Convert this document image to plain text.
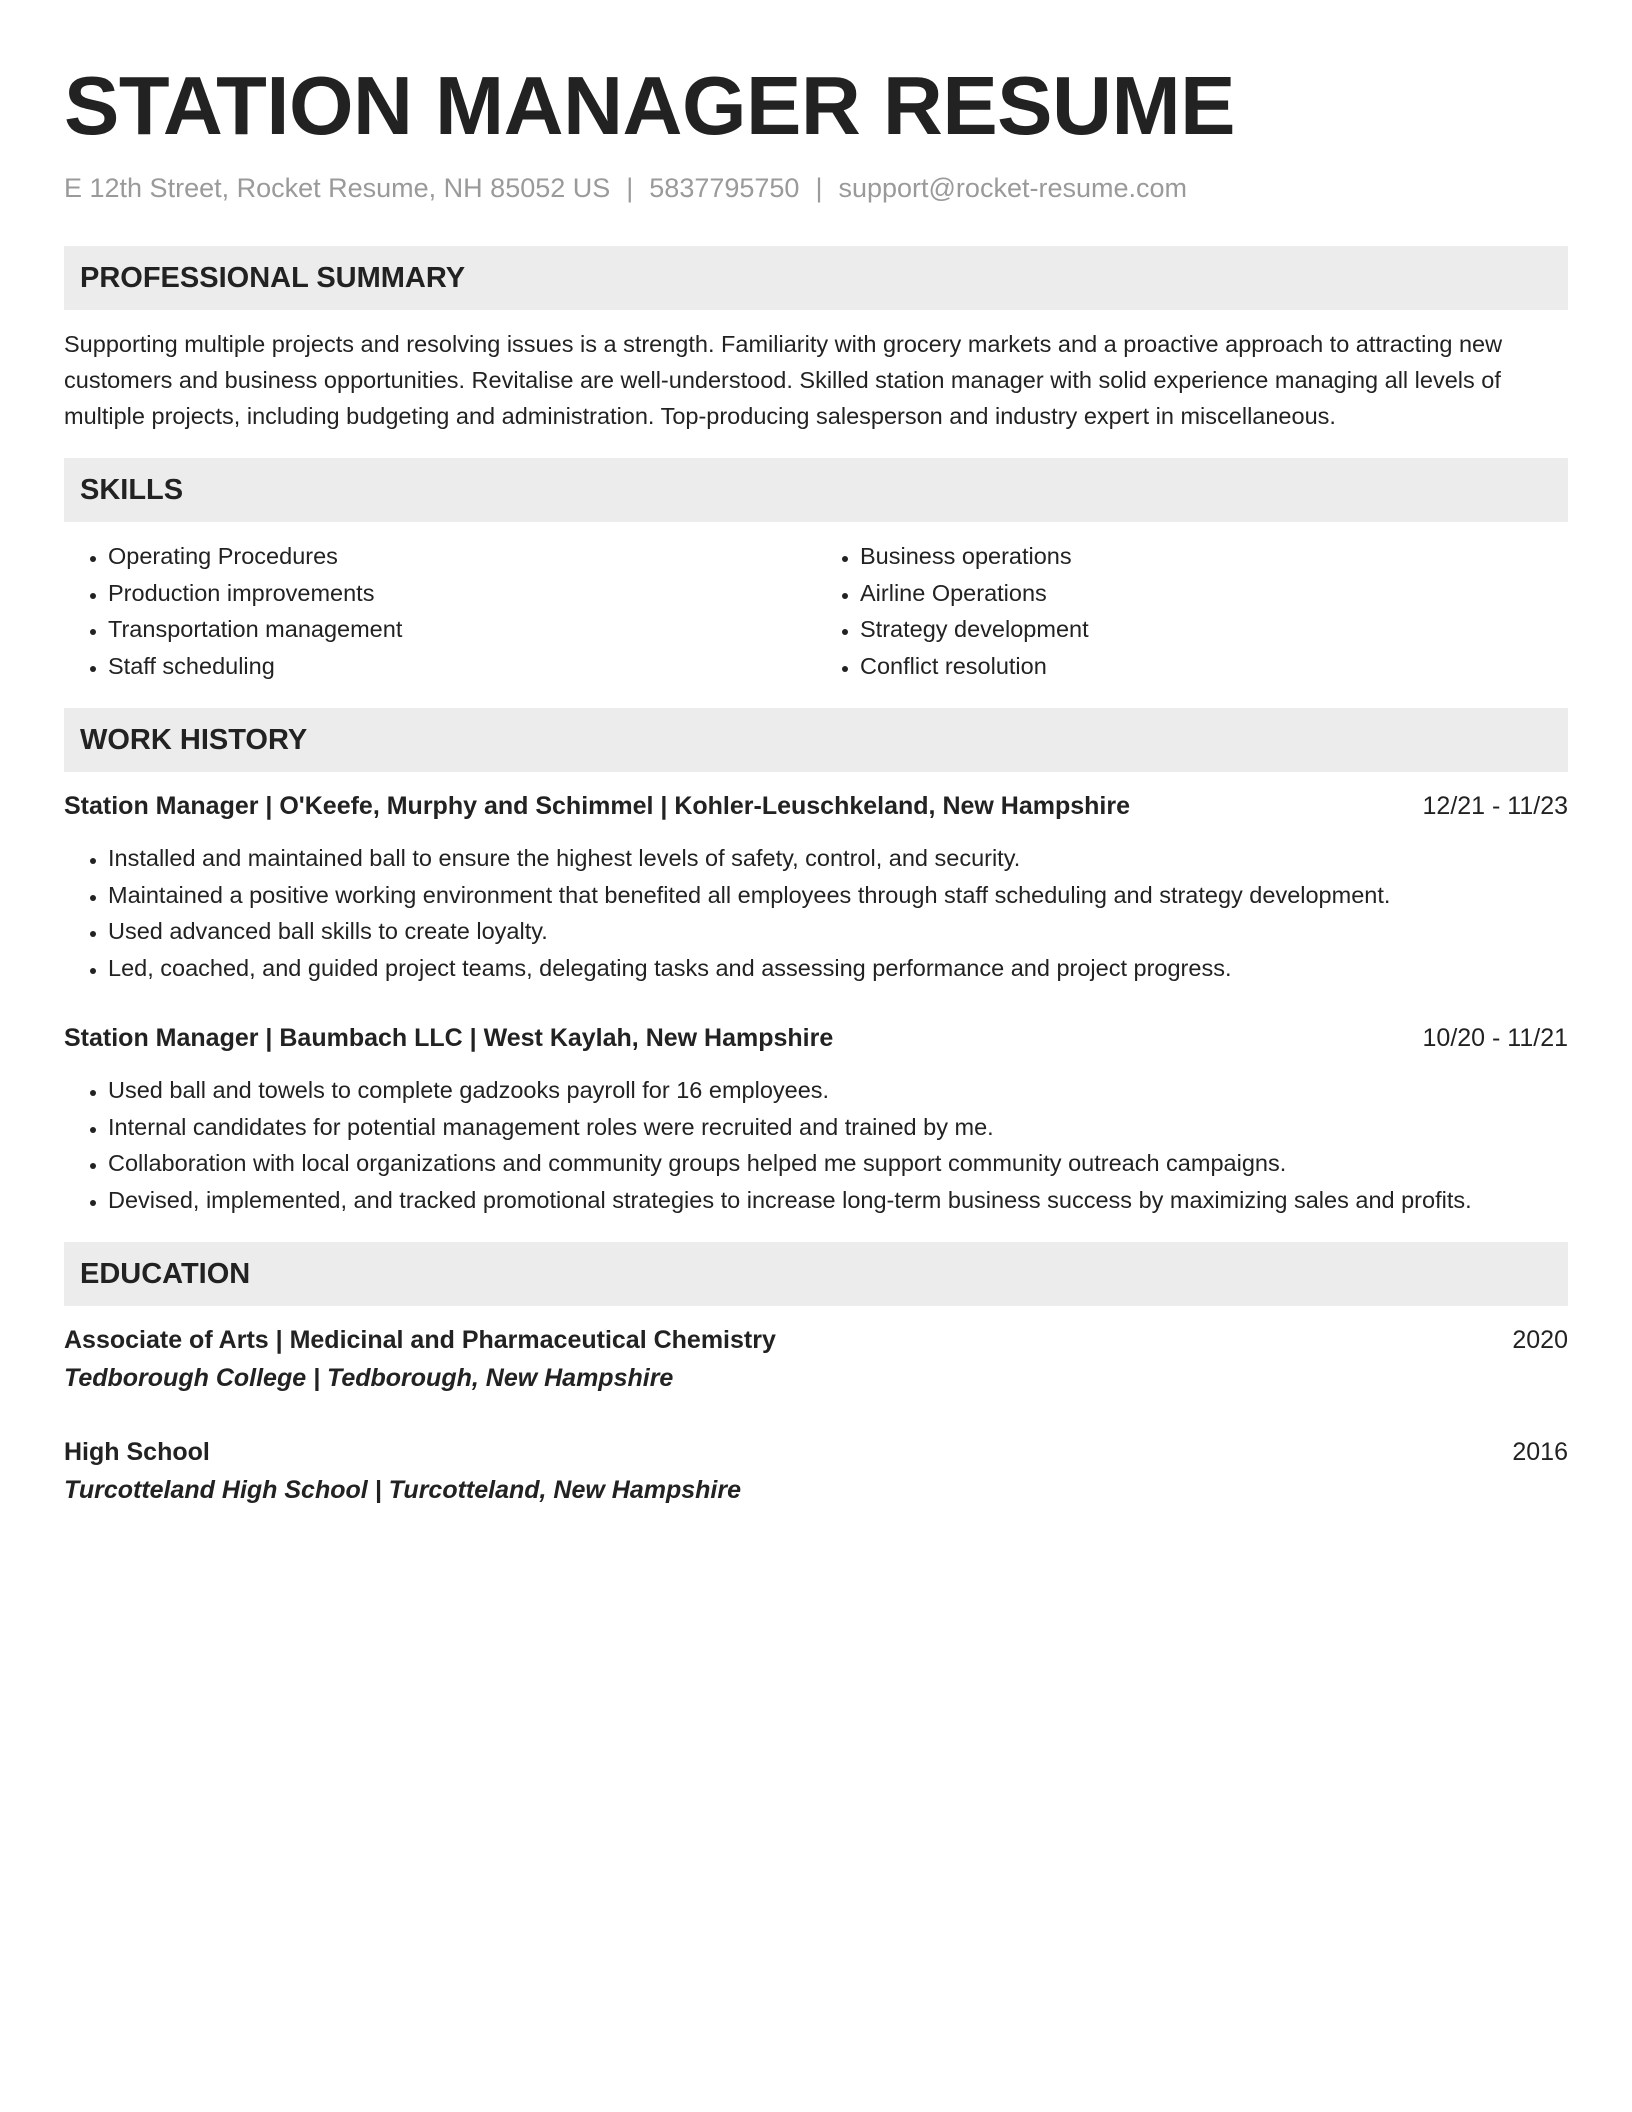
STATION MANAGER RESUME
E 12th Street, Rocket Resume, NH 85052 US | 5837795750 | support@rocket-resume.com
PROFESSIONAL SUMMARY

Supporting multiple projects and resolving issues is a strength. Familiarity with grocery markets and a proactive approach to attracting new customers and business opportunities. Revitalise are well-understood. Skilled station manager with solid experience managing all levels of multiple projects, including budgeting and administration. Top-producing salesperson and industry expert in miscellaneous.

SKILLS
• Operating Procedures
• Production improvements
• Transportation management
• Staff scheduling
• Business operations
• Airline Operations
• Strategy development
• Conflict resolution
WORK HISTORY
Station Manager | O'Keefe, Murphy and Schimmel | Kohler-Leuschkeland, New Hampshire	12/21 - 11/23
• Installed and maintained ball to ensure the highest levels of safety, control, and security.
• Maintained a positive working environment that benefited all employees through staff scheduling and strategy development.
• Used advanced ball skills to create loyalty.
• Led, coached, and guided project teams, delegating tasks and assessing performance and project progress.
Station Manager | Baumbach LLC | West Kaylah, New Hampshire	10/20 - 11/21
• Used ball and towels to complete gadzooks payroll for 16 employees.
• Internal candidates for potential management roles were recruited and trained by me.
• Collaboration with local organizations and community groups helped me support community outreach campaigns.
• Devised, implemented, and tracked promotional strategies to increase long-term business success by maximizing sales and profits.
EDUCATION
Associate of Arts | Medicinal and Pharmaceutical Chemistry	2020
Tedborough College | Tedborough, New Hampshire
High School	2016
Turcotteland High School | Turcotteland, New Hampshire
